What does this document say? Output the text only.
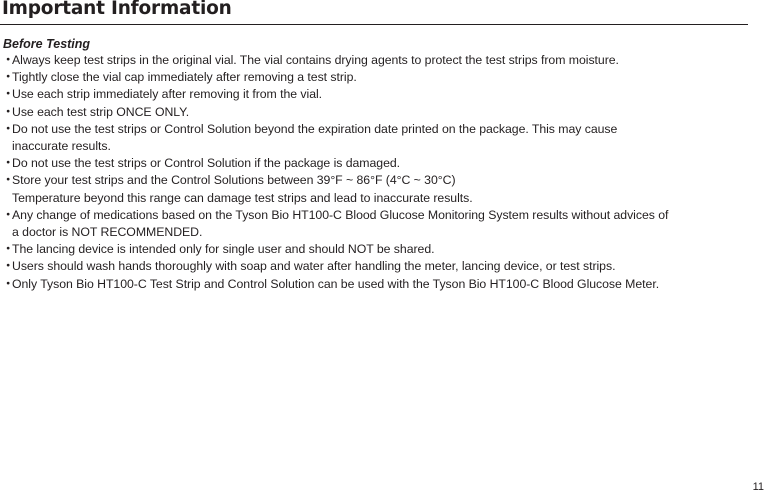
Important Information
Before Testing
・
Always keep test strips in the original vial. The vial contains drying agents to protect the test strips from moisture.
・
Tightly close the vial cap immediately after removing a test strip.
・
Use each strip immediately after removing it from the vial.
・
Use each test strip ONCE ONLY.
・
Do not use the test strips or Control Solution beyond the expiration date printed on the package. This may cause
inaccurate results.
・
Do not use the test strips or Control Solution if the package is damaged.
・
Store your test strips and the Control Solutions between 39°F ~ 86°F (4°C ~ 30°C)
Temperature beyond this range can damage test strips and lead to inaccurate results.
・
Any change of medications based on the Tyson Bio HT100-C Blood Glucose Monitoring System results without advices of
a doctor is NOT RECOMMENDED.
・
The lancing device is intended only for single user and should NOT be shared.
・
Users should wash hands thoroughly with soap and water after handling the meter, lancing device, or test strips.
・
Only Tyson Bio HT100-C Test Strip and Control Solution can be used with the Tyson Bio HT100-C Blood Glucose Meter.
11
